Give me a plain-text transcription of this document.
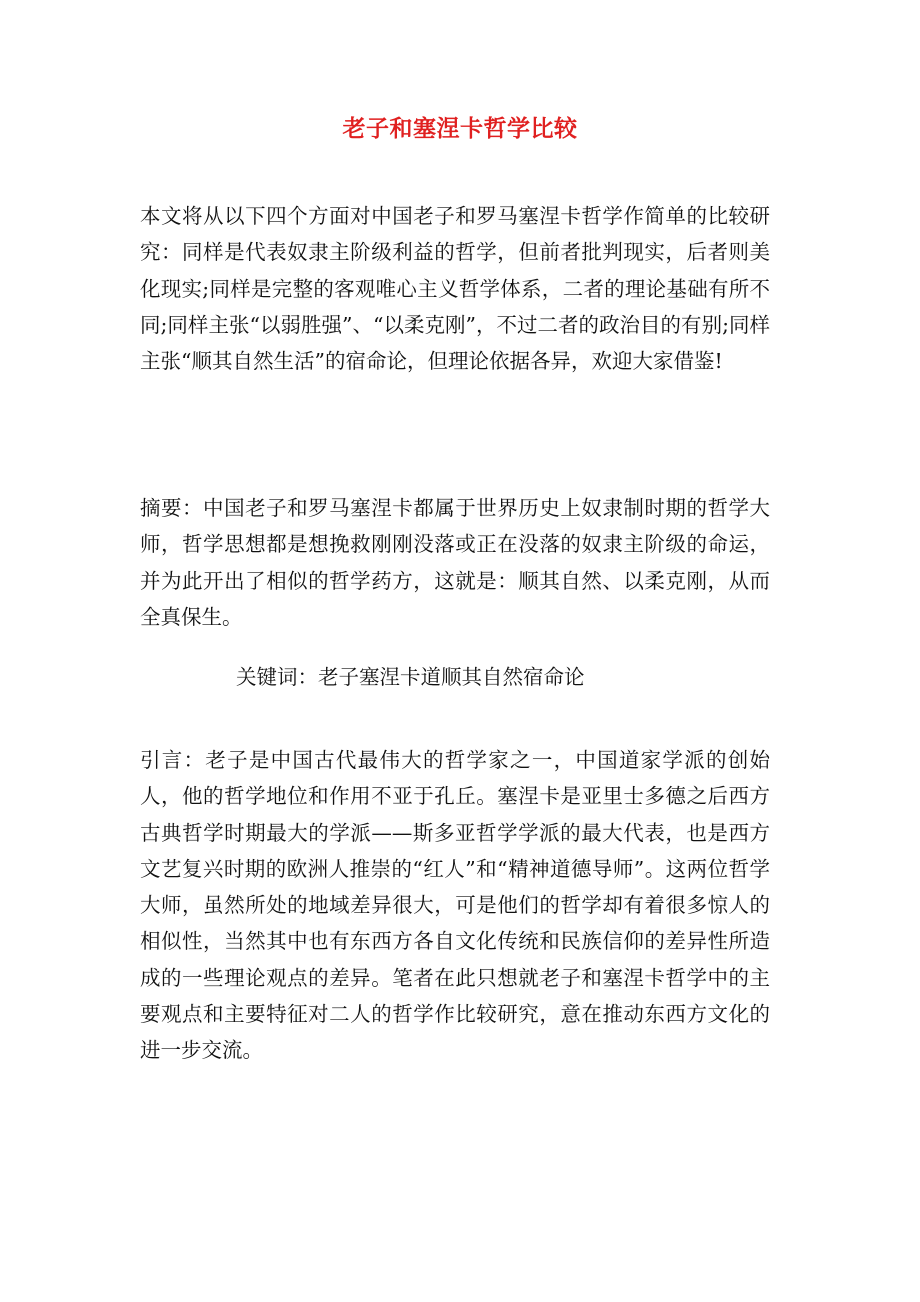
老子和塞涅卡哲学比较

本文将从以下四个方面对中国老子和罗马塞涅卡哲学作简单的比较研究：同样是代表奴隶主阶级利益的哲学，但前者批判现实，后者则美化现实;同样是完整的客观唯心主义哲学体系，二者的理论基础有所不同;同样主张“以弱胜强”、“以柔克刚”，不过二者的政治目的有别;同样主张“顺其自然生活”的宿命论，但理论依据各异，欢迎大家借鉴!

摘要：中国老子和罗马塞涅卡都属于世界历史上奴隶制时期的哲学大师，哲学思想都是想挽救刚刚没落或正在没落的奴隶主阶级的命运，并为此开出了相似的哲学药方，这就是：顺其自然、以柔克刚，从而全真保生。

关键词：老子塞涅卡道顺其自然宿命论

引言：老子是中国古代最伟大的哲学家之一，中国道家学派的创始人，他的哲学地位和作用不亚于孔丘。塞涅卡是亚里士多德之后西方古典哲学时期最大的学派——斯多亚哲学学派的最大代表，也是西方文艺复兴时期的欧洲人推崇的“红人”和“精神道德导师”。这两位哲学大师，虽然所处的地域差异很大，可是他们的哲学却有着很多惊人的相似性，当然其中也有东西方各自文化传统和民族信仰的差异性所造成的一些理论观点的差异。笔者在此只想就老子和塞涅卡哲学中的主要观点和主要特征对二人的哲学作比较研究，意在推动东西方文化的进一步交流。
